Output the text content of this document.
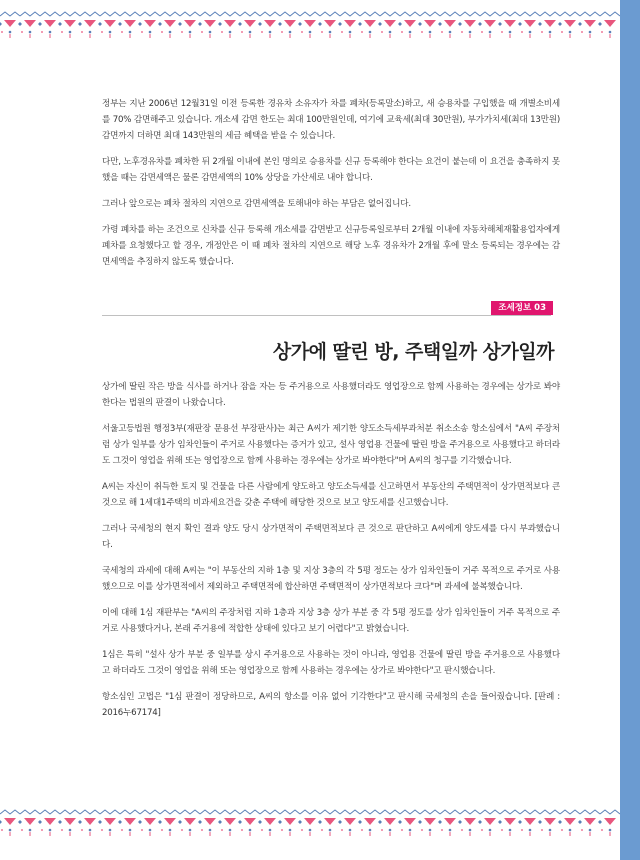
정부는 지난 2006년 12월31일 이전 등록한 경유차 소유자가 차를 폐차(등록말소)하고, 새 승용차를 구입했을 때 개별소비세를 70% 감면해주고 있습니다. 개소세 감면 한도는 최대 100만원인데, 여기에 교육세(최대 30만원), 부가가치세(최대 13만원) 감면까지 더하면 최대 143만원의 세금 혜택을 받을 수 있습니다.

다만, 노후경유차를 폐차한 뒤 2개월 이내에 본인 명의로 승용차를 신규 등록해야 한다는 요건이 붙는데 이 요건을 충족하지 못했을 때는 감면세액은 물론 감면세액의 10% 상당을 가산세로 내야 합니다.

그러나 앞으로는 폐차 절차의 지연으로 감면세액을 토해내야 하는 부담은 없어집니다.

가령 폐차를 하는 조건으로 신차를 신규 등록해 개소세를 감면받고 신규등록일로부터 2개월 이내에 자동차해체재활용업자에게 폐차를 요청했다고 할 경우, 개정안은 이 때 폐차 절차의 지연으로 해당 노후 경유차가 2개월 후에 말소 등록되는 경우에는 감면세액을 추징하지 않도록 했습니다.

조세정보 03
상가에 딸린 방, 주택일까 상가일까

상가에 딸린 작은 방을 식사를 하거나 잠을 자는 등 주거용으로 사용했더라도 영업장으로 함께 사용하는 경우에는 상가로 봐야한다는 법원의 판결이 나왔습니다.

서울고등법원 행정3부(재판장 문용선 부장판사)는 최근 A씨가 제기한 양도소득세부과처분 취소소송 항소심에서 "A씨 주장처럼 상가 일부를 상가 임차인들이 주거로 사용했다는 증거가 있고, 설사 영업용 건물에 딸린 방을 주거용으로 사용했다고 하더라도 그것이 영업을 위해 또는 영업장으로 함께 사용하는 경우에는 상가로 봐야한다"며 A씨의 청구를 기각했습니다.

A씨는 자신이 취득한 토지 및 건물을 다른 사람에게 양도하고 양도소득세를 신고하면서 부동산의 주택면적이 상가면적보다 큰 것으로 해 1세대1주택의 비과세요건을 갖춘 주택에 해당한 것으로 보고 양도세를 신고했습니다.

그러나 국세청의 현지 확인 결과 양도 당시 상가면적이 주택면적보다 큰 것으로 판단하고 A씨에게 양도세를 다시 부과했습니다.

국세청의 과세에 대해 A씨는 "이 부동산의 지하 1층 및 지상 3층의 각 5평 정도는 상가 임차인들이 거주 목적으로 주거로 사용했으므로 이를 상가면적에서 제외하고 주택면적에 합산하면 주택면적이 상가면적보다 크다"며 과세에 불복했습니다.

이에 대해 1심 재판부는 "A씨의 주장처럼 지하 1층과 지상 3층 상가 부분 중 각 5평 정도를 상가 임차인들이 거주 목적으로 주거로 사용했다거나, 본래 주거용에 적합한 상태에 있다고 보기 어렵다"고 밝혔습니다.

1심은 특히 "설사 상가 부분 중 일부를 상시 주거용으로 사용하는 것이 아니라, 영업용 건물에 딸린 방을 주거용으로 사용했다고 하더라도 그것이 영업을 위해 또는 영업장으로 함께 사용하는 경우에는 상가로 봐야한다"고 판시했습니다.

항소심인 고법은 "1심 판결이 정당하므로, A씨의 항소를 이유 없어 기각한다"고 판시해 국세청의 손을 들어줬습니다. [판례 : 2016누67174]
